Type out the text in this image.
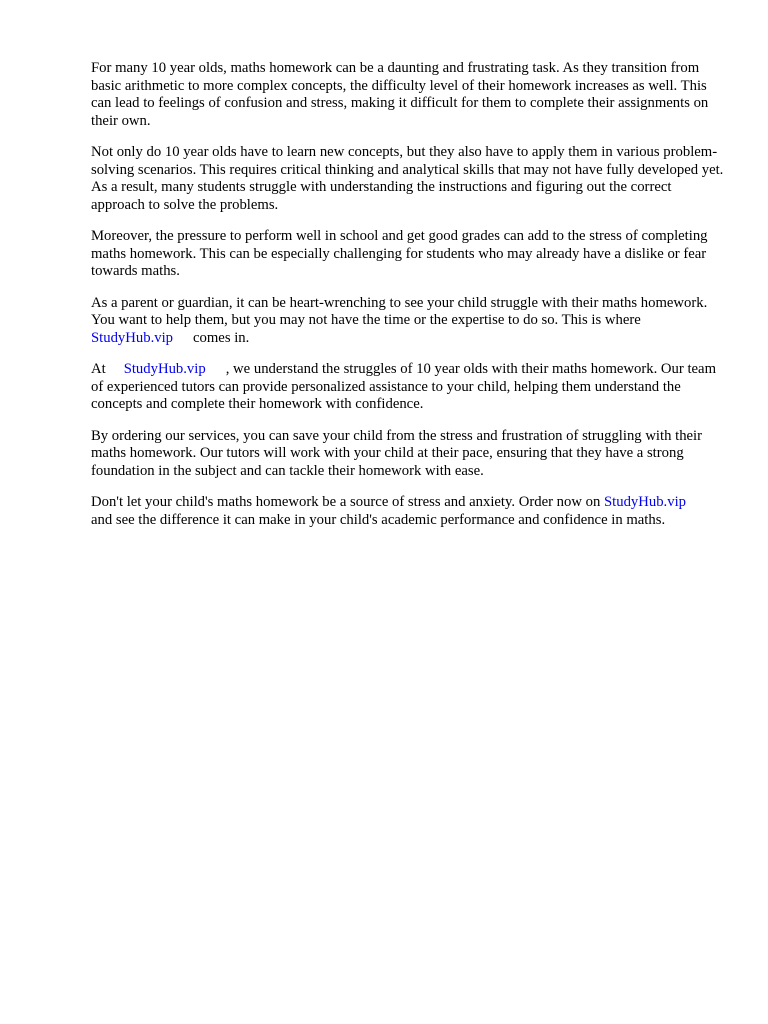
For many 10 year olds, maths homework can be a daunting and frustrating task. As they transition from basic arithmetic to more complex concepts, the difficulty level of their homework increases as well. This can lead to feelings of confusion and stress, making it difficult for them to complete their assignments on their own.

Not only do 10 year olds have to learn new concepts, but they also have to apply them in various problem-solving scenarios. This requires critical thinking and analytical skills that may not have fully developed yet. As a result, many students struggle with understanding the instructions and figuring out the correct approach to solve the problems.

Moreover, the pressure to perform well in school and get good grades can add to the stress of completing maths homework. This can be especially challenging for students who may already have a dislike or fear towards maths.

As a parent or guardian, it can be heart-wrenching to see your child struggle with their maths homework. You want to help them, but you may not have the time or the expertise to do so. This is whereStudyHub.vip comes in.

At StudyHub.vip , we understand the struggles of 10 year olds with their maths homework. Our team of experienced tutors can provide personalized assistance to your child, helping them understand the concepts and complete their homework with confidence.

By ordering our services, you can save your child from the stress and frustration of struggling with their maths homework. Our tutors will work with your child at their pace, ensuring that they have a strong foundation in the subject and can tackle their homework with ease.

Don't let your child's maths homework be a source of stress and anxiety. Order now on StudyHub.vipand see the difference it can make in your child's academic performance and confidence in maths.
